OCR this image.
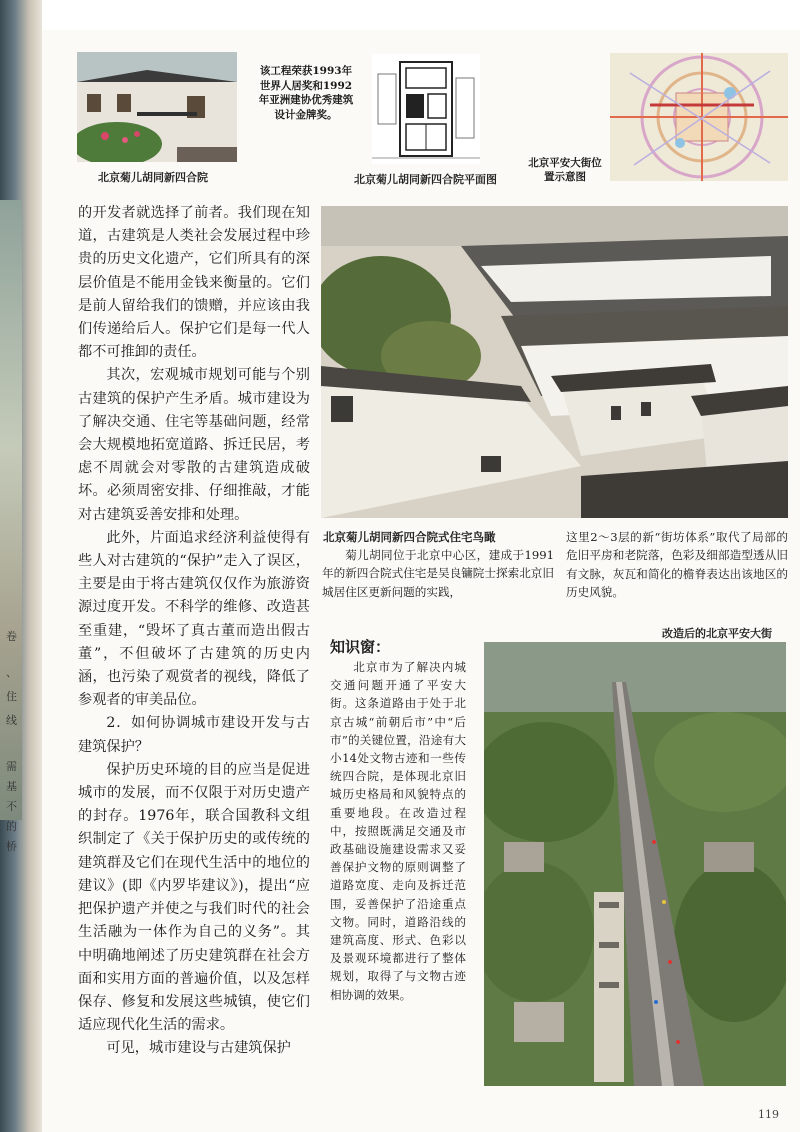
卷
、
住
线
需
基
不
的
桥
北京菊儿胡同新四合院
该工程荣获1993年世界人居奖和1992年亚洲建协优秀建筑设计金牌奖。
北京菊儿胡同新四合院平面图
北京平安大街位置示意图

的开发者就选择了前者。我们现在知道，古建筑是人类社会发展过程中珍贵的历史文化遗产，它们所具有的深层价值是不能用金钱来衡量的。它们是前人留给我们的馈赠，并应该由我们传递给后人。保护它们是每一代人都不可推卸的责任。

其次，宏观城市规划可能与个别古建筑的保护产生矛盾。城市建设为了解决交通、住宅等基础问题，经常会大规模地拓宽道路、拆迁民居，考虑不周就会对零散的古建筑造成破坏。必须周密安排、仔细推敲，才能对古建筑妥善安排和处理。

此外，片面追求经济利益使得有些人对古建筑的“保护”走入了误区，主要是由于将古建筑仅仅作为旅游资源过度开发。不科学的维修、改造甚至重建，“毁坏了真古董而造出假古董”，不但破坏了古建筑的历史内涵，也污染了观赏者的视线，降低了参观者的审美品位。

2．如何协调城市建设开发与古建筑保护？

保护历史环境的目的应当是促进城市的发展，而不仅限于对历史遗产的封存。1976年，联合国教科文组织制定了《关于保护历史的或传统的建筑群及它们在现代生活中的地位的建议》(即《内罗毕建议》)，提出“应把保护遗产并使之与我们时代的社会生活融为一体作为自己的义务”。其中明确地阐述了历史建筑群在社会方面和实用方面的普遍价值，以及怎样保存、修复和发展这些城镇，使它们适应现代化生活的需求。

可见，城市建设与古建筑保护

北京菊儿胡同新四合院式住宅鸟瞰
菊儿胡同位于北京中心区，建成于1991年的新四合院式住宅是吴良镛院士探索北京旧城居住区更新问题的实践，
这里2～3层的新“街坊体系”取代了局部的危旧平房和老院落，色彩及细部造型透从旧有文脉，灰瓦和简化的檐脊表达出该地区的历史风貌。
知识窗：
北京市为了解决内城交通问题开通了平安大街。这条道路由于处于北京古城“前朝后市”中“后市”的关键位置，沿途有大小14处文物古迹和一些传统四合院，是体现北京旧城历史格局和风貌特点的重要地段。在改造过程中，按照既满足交通及市政基础设施建设需求又妥善保护文物的原则调整了道路宽度、走向及拆迁范围，妥善保护了沿途重点文物。同时，道路沿线的建筑高度、形式、色彩以及景观环境都进行了整体规划，取得了与文物古迹相协调的效果。
改造后的北京平安大街
119
